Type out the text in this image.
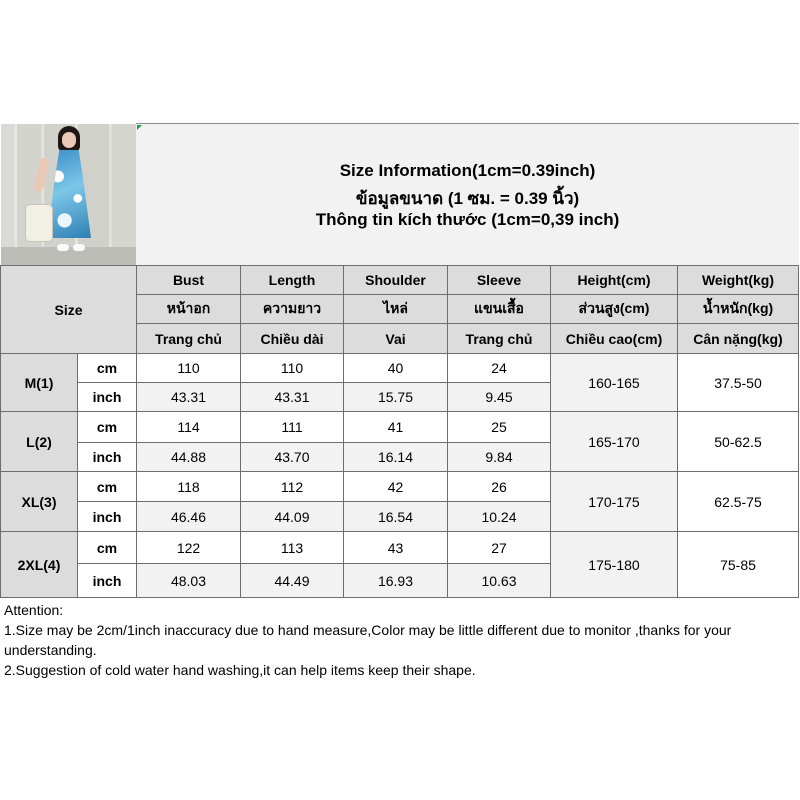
Size Information(1cm=0.39inch)
ข้อมูลขนาด (1 ซม. = 0.39 นิ้ว)
Thông tin kích thước (1cm=0,39 inch)
Size		Bust	Length	Shoulder	Sleeve	Height(cm)	Weight(kg)
		หน้าอก	ความยาว	ไหล่	แขนเสื้อ	ส่วนสูง(cm)	น้ำหนัก(kg)
		Trang chủ	Chiều dài	Vai	Trang chủ	Chiều cao(cm)	Cân nặng(kg)
M(1)	cm	110	110	40	24	160-165	37.5-50
	inch	43.31	43.31	15.75	9.45		
L(2)	cm	114	111	41	25	165-170	50-62.5
	inch	44.88	43.70	16.14	9.84		
XL(3)	cm	118	112	42	26	170-175	62.5-75
	inch	46.46	44.09	16.54	10.24		
2XL(4)	cm	122	113	43	27	175-180	75-85
	inch	48.03	44.49	16.93	10.63		
Attention:
1.Size may be 2cm/1inch inaccuracy due to hand measure,Color may be little different due to monitor ,thanks for your understanding.
2.Suggestion of cold water hand washing,it can help items keep their shape.
